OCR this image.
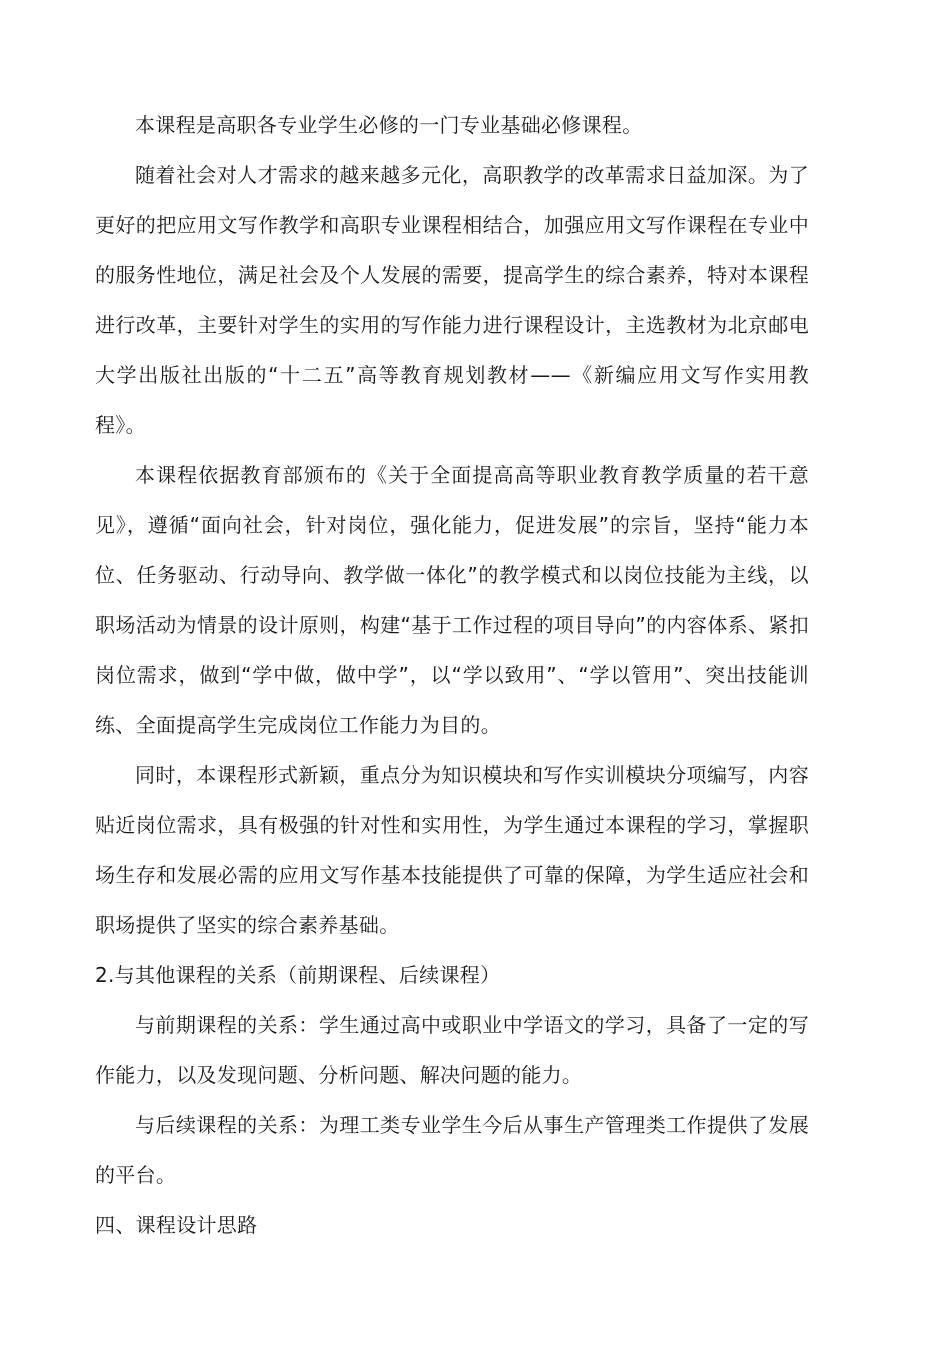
本课程是高职各专业学生必修的一门专业基础必修课程。

随着社会对人才需求的越来越多元化，高职教学的改革需求日益加深。为了更好的把应用文写作教学和高职专业课程相结合，加强应用文写作课程在专业中的服务性地位，满足社会及个人发展的需要，提高学生的综合素养，特对本课程进行改革，主要针对学生的实用的写作能力进行课程设计，主选教材为北京邮电大学出版社出版的“十二五”高等教育规划教材——《新编应用文写作实用教程》。

本课程依据教育部颁布的《关于全面提高高等职业教育教学质量的若干意见》，遵循“面向社会，针对岗位，强化能力，促进发展”的宗旨，坚持“能力本位、任务驱动、行动导向、教学做一体化”的教学模式和以岗位技能为主线，以职场活动为情景的设计原则，构建“基于工作过程的项目导向”的内容体系、紧扣岗位需求，做到“学中做，做中学”，以“学以致用”、“学以管用”、突出技能训练、全面提高学生完成岗位工作能力为目的。

同时，本课程形式新颖，重点分为知识模块和写作实训模块分项编写，内容贴近岗位需求，具有极强的针对性和实用性，为学生通过本课程的学习，掌握职场生存和发展必需的应用文写作基本技能提供了可靠的保障，为学生适应社会和职场提供了坚实的综合素养基础。

2.与其他课程的关系（前期课程、后续课程）

与前期课程的关系：学生通过高中或职业中学语文的学习，具备了一定的写作能力，以及发现问题、分析问题、解决问题的能力。

与后续课程的关系：为理工类专业学生今后从事生产管理类工作提供了发展的平台。

四、课程设计思路
